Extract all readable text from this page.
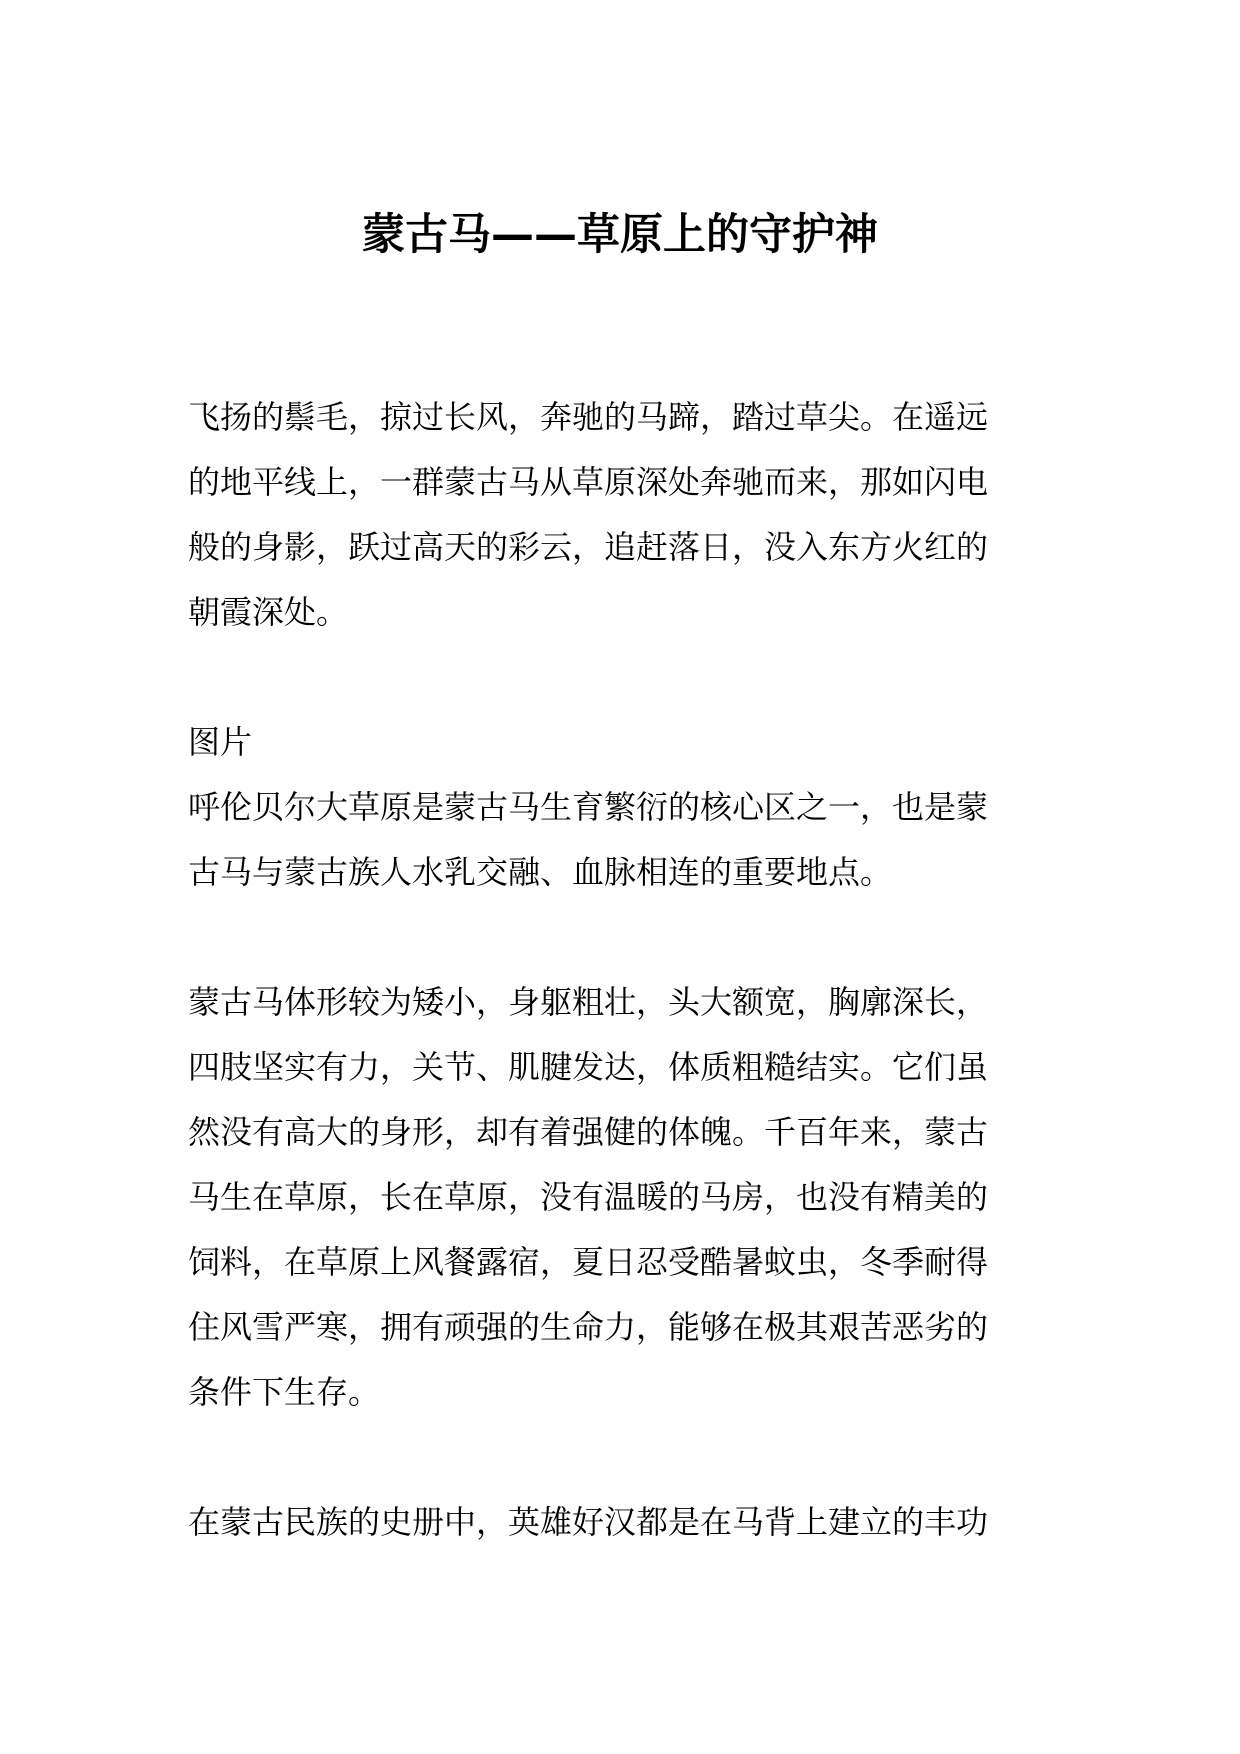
蒙古马——草原上的守护神

飞扬的鬃毛，掠过长风，奔驰的马蹄，踏过草尖。在遥远
的地平线上，一群蒙古马从草原深处奔驰而来，那如闪电
般的身影，跃过高天的彩云，追赶落日，没入东方火红的
朝霞深处。

图片

呼伦贝尔大草原是蒙古马生育繁衍的核心区之一，也是蒙
古马与蒙古族人水乳交融、血脉相连的重要地点。

蒙古马体形较为矮小，身躯粗壮，头大额宽，胸廓深长，
四肢坚实有力，关节、肌腱发达，体质粗糙结实。它们虽
然没有高大的身形，却有着强健的体魄。千百年来，蒙古
马生在草原，长在草原，没有温暖的马房，也没有精美的
饲料，在草原上风餐露宿，夏日忍受酷暑蚊虫，冬季耐得
住风雪严寒，拥有顽强的生命力，能够在极其艰苦恶劣的
条件下生存。

在蒙古民族的史册中，英雄好汉都是在马背上建立的丰功
